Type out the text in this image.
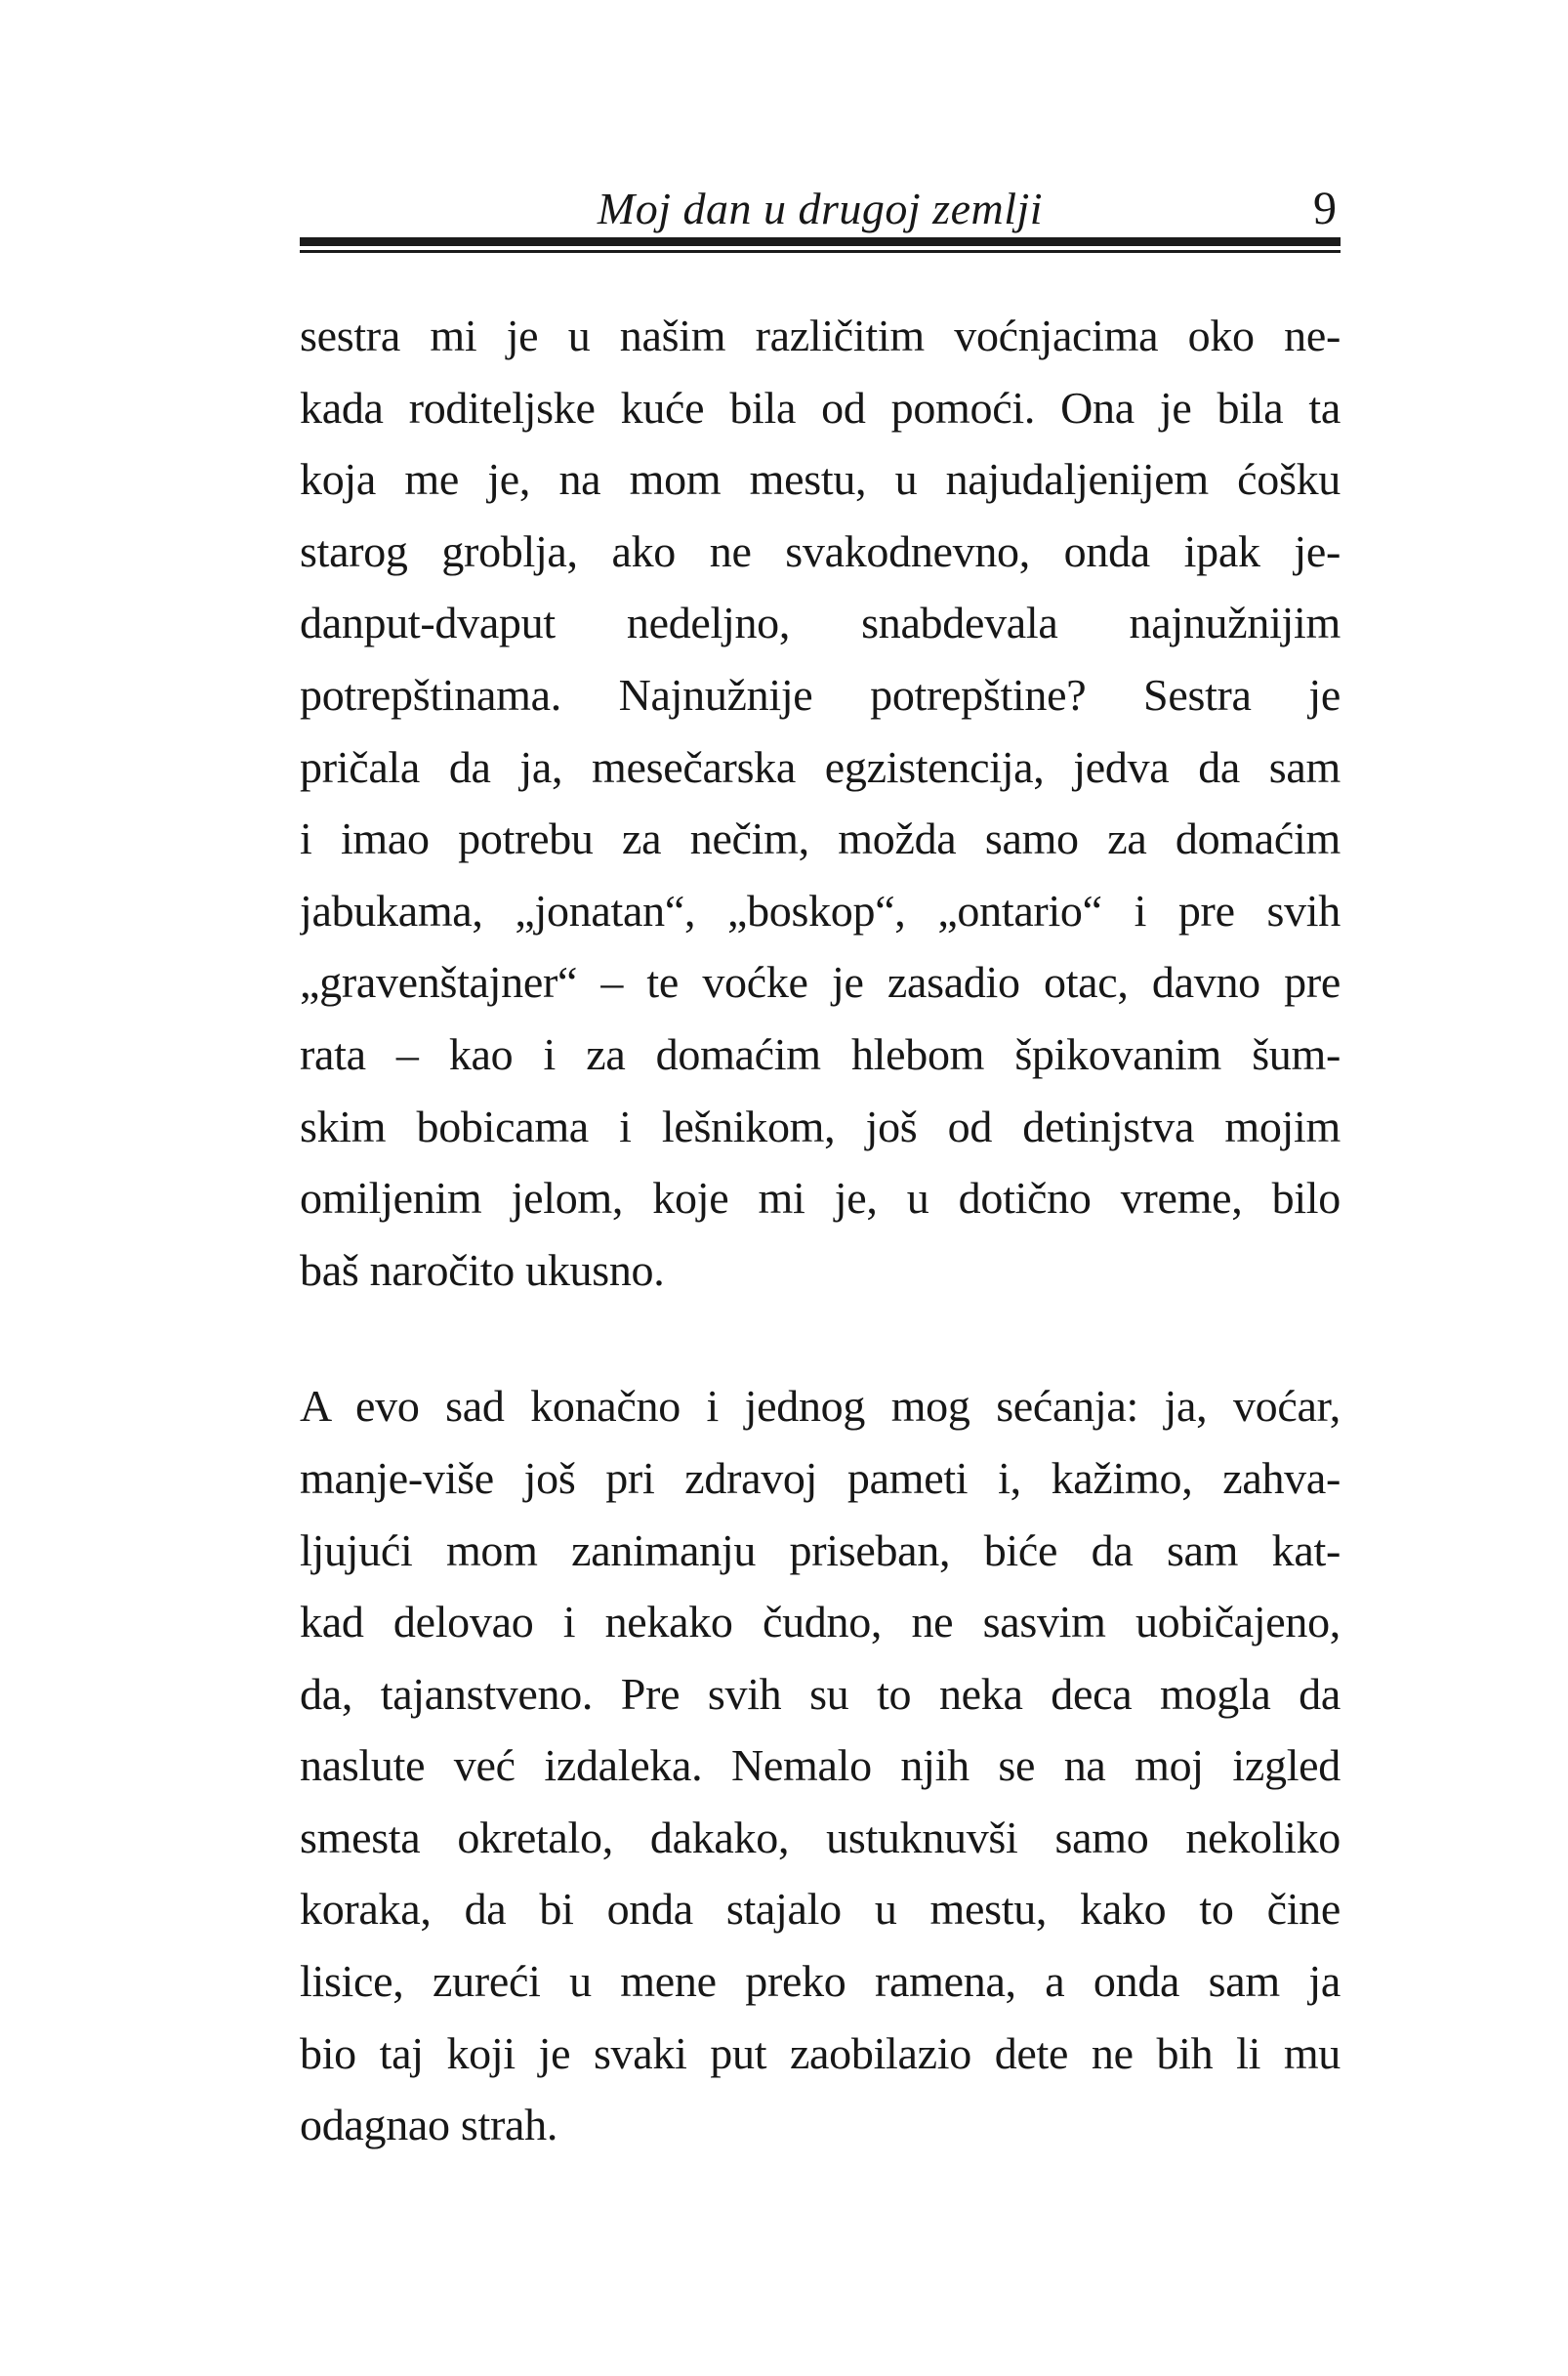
Moj dan u drugoj zemlji	9
sestra mi je u našim različitim voćnjacima oko ne-
kada roditeljske kuće bila od pomoći. Ona je bila ta
koja me je, na mom mestu, u najudaljenijem ćošku
starog groblja, ako ne svakodnevno, onda ipak je-
danput-dvaput nedeljno, snabdevala najnužnijim
potrepštinama. Najnužnije potrepštine? Sestra je
pričala da ja, mesečarska egzistencija, jedva da sam
i imao potrebu za nečim, možda samo za domaćim
jabukama, „jonatan“, „boskop“, „ontario“ i pre svih
„gravenštajner“ – te voćke je zasadio otac, davno pre
rata – kao i za domaćim hlebom špikovanim šum-
skim bobicama i lešnikom, još od detinjstva mojim
omiljenim jelom, koje mi je, u dotično vreme, bilo
baš naročito ukusno.
A evo sad konačno i jednog mog sećanja: ja, voćar,
manje-više još pri zdravoj pameti i, kažimo, zahva-
ljujući mom zanimanju priseban, biće da sam kat-
kad delovao i nekako čudno, ne sasvim uobičajeno,
da, tajanstveno. Pre svih su to neka deca mogla da
naslute već izdaleka. Nemalo njih se na moj izgled
smesta okretalo, dakako, ustuknuvši samo nekoliko
koraka, da bi onda stajalo u mestu, kako to čine
lisice, zureći u mene preko ramena, a onda sam ja
bio taj koji je svaki put zaobilazio dete ne bih li mu
odagnao strah.
